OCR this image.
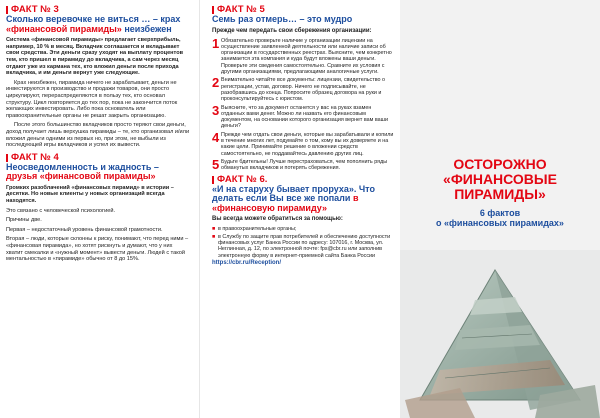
ФАКТ № 3
Сколько веревочке не виться … – крах «финансовой пирамиды» неизбежен
Система «финансовой пирамиды» предлагает сверхприбыль, например, 10 % в месяц. Вкладчик соглашается и вкладывает свои средства. Эти деньги сразу уходят на выплату процентов тем, кто пришел в пирамиду до вкладчика, а сам через месяц отдают уже из кармана тех, кто вложил деньги после прихода вкладчика, и им деньги вернут уже следующие.
Крах неизбежен, пирамида ничего не зарабатывает, деньги не инвестируются в производство и продажи товаров, они просто циркулируют, перераспределяются в пользу тех, кто основал структуру. Цикл повторяется до тех пор, пока не закончится поток желающих инвестировать. Либо пока основатель или правоохранительные органы не решат закрыть организацию.
После этого большинство вкладчиков просто теряют свои деньги, доход получает лишь верхушка пирамиды – те, кто организовал и/или вложил деньги одними из первых но, при этом, не выбыли из последующей игры вкладчиков и успел их вывести.
ФАКТ № 4
Неосведомленность и жадность – друзья «финансовой пирамиды»
Громких разоблачений «финансовых пирамид» в истории – десятки. Но новые клиенты у новых организаций всегда находятся.
Это связано с человеческой психологией.
Причины две.
Первая – недостаточный уровень финансовой грамотности.
Вторая – люди, которые склонны к риску, понимают, что перед ними – «финансовая пирамида», но хотят рискнуть и думают, что у них хватит смекалки и «нужный момент» вывести деньги. Людей с такой ментальностью в «пирамиде» обычно от 8 до 15%.
ФАКТ № 5
Семь раз отмерь… – это мудро
Прежде чем передать свои сбережения организации:
1 Обязательно проверьте наличие у организации лицензии на осуществление заявленной деятельности или наличие записи об организации в государственных реестрах. Выясните, чем конкретно занимается эта компания и куда будут вложены ваши деньги. Проверьте эти сведения самостоятельно. Сравните их условия с другими организациями, предлагающими аналогичные услуги.
2 Внимательно читайте все документы: лицензии, свидетельство о регистрации, устав, договор. Ничего не подписывайте, не разобравшись до конца. Попросите образец договора на руки и проконсультируйтесь с юристом.
3 Выясните, что за документ останется у вас на руках взамен отданных вами денег. Можно ли назвать его финансовым документом, на основании которого организация вернет вам ваши деньги?
4 Прежде чем отдать свои деньги, которые вы зарабатывали и копили в течение многих лет, подумайте о том, кому вы их доверяете и на какие цели. Принимайте решение о вложении средств самостоятельно, не поддавайтесь давлению других лиц.
5 Будьте бдительны! Лучше перестраховаться, чем пополнить ряды обманутых вкладчиков и потерять сбережения.
ФАКТ № 6.
«И на старуху бывает проруха». Что делать если Вы все же попали в «финансовую пирамиду»
Вы всегда можете обратиться за помощью:
■ в правоохранительные органы;
■ в Службу по защите прав потребителей и обеспечению доступности финансовых услуг Банка России по адресу: 107016, г. Москва, ул. Неглинная, д. 12, по электронной почте: fps@cbr.ru или заполнив электронную форму в интернет-приемной сайта Банка России
https://cbr.ru/Reception/
ОСТОРОЖНО
«ФИНАНСОВЫЕ
ПИРАМИДЫ»
6 фактов
о «финансовых пирамидах»
